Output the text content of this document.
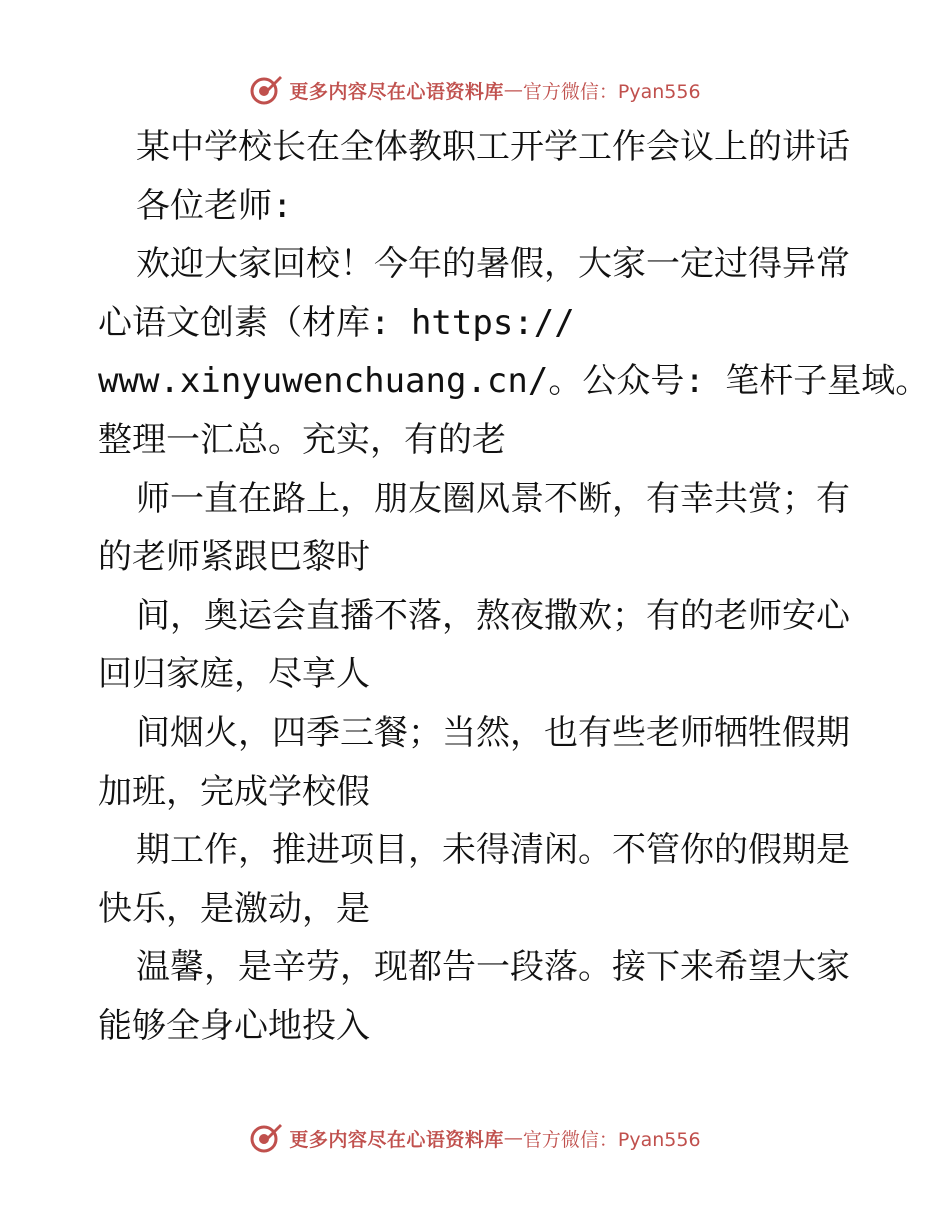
更多内容尽在心语资料库 — 官方微信：Pyan556
某中学校长在全体教职工开学工作会议上的讲话
各位老师:
欢迎大家回校！今年的暑假，大家一定过得异常
心语文创素（材库: https://
www.xinyuwenchuang.cn/。公众号: 笔杆子星域。
整理一汇总。充实，有的老
师一直在路上，朋友圈风景不断，有幸共赏；有
的老师紧跟巴黎时
间，奥运会直播不落，熬夜撒欢；有的老师安心
回归家庭，尽享人
间烟火，四季三餐；当然，也有些老师牺牲假期
加班，完成学校假
期工作，推进项目，未得清闲。不管你的假期是
快乐，是激动，是
温馨，是辛劳，现都告一段落。接下来希望大家
能够全身心地投入
更多内容尽在心语资料库 — 官方微信：Pyan556
